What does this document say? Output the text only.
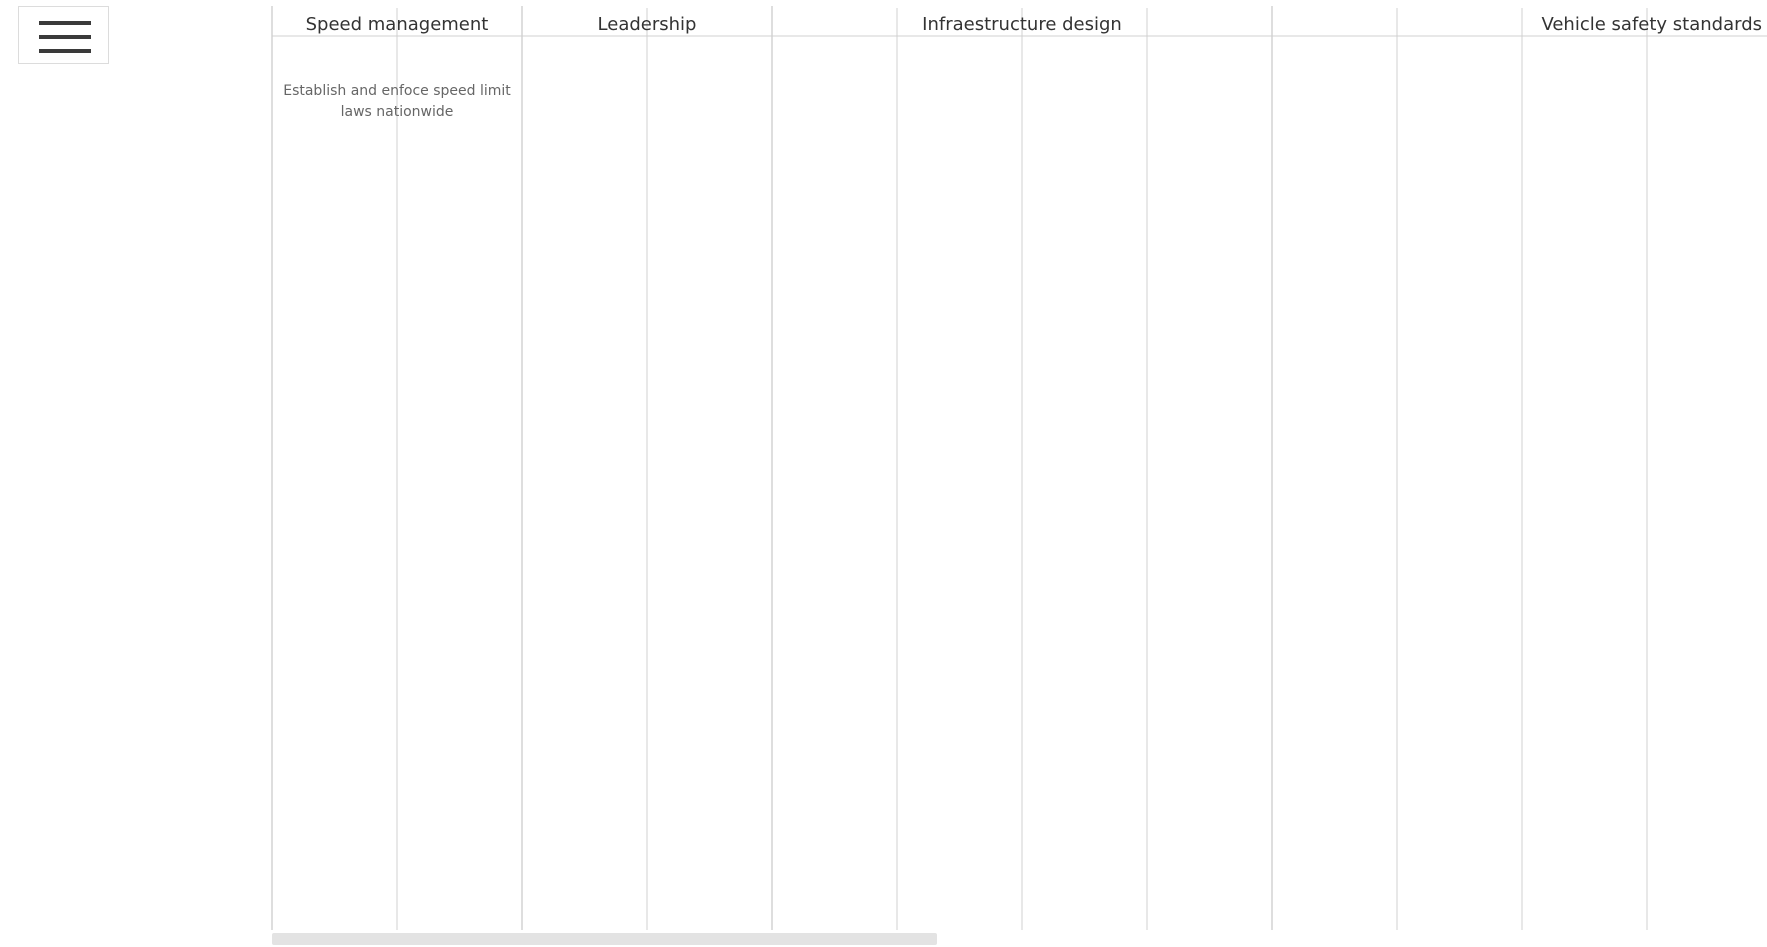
Speed management	Leadership	Infraestructure design	Vehicle safety standards
Establish and enfoce speed limit laws nationwide
